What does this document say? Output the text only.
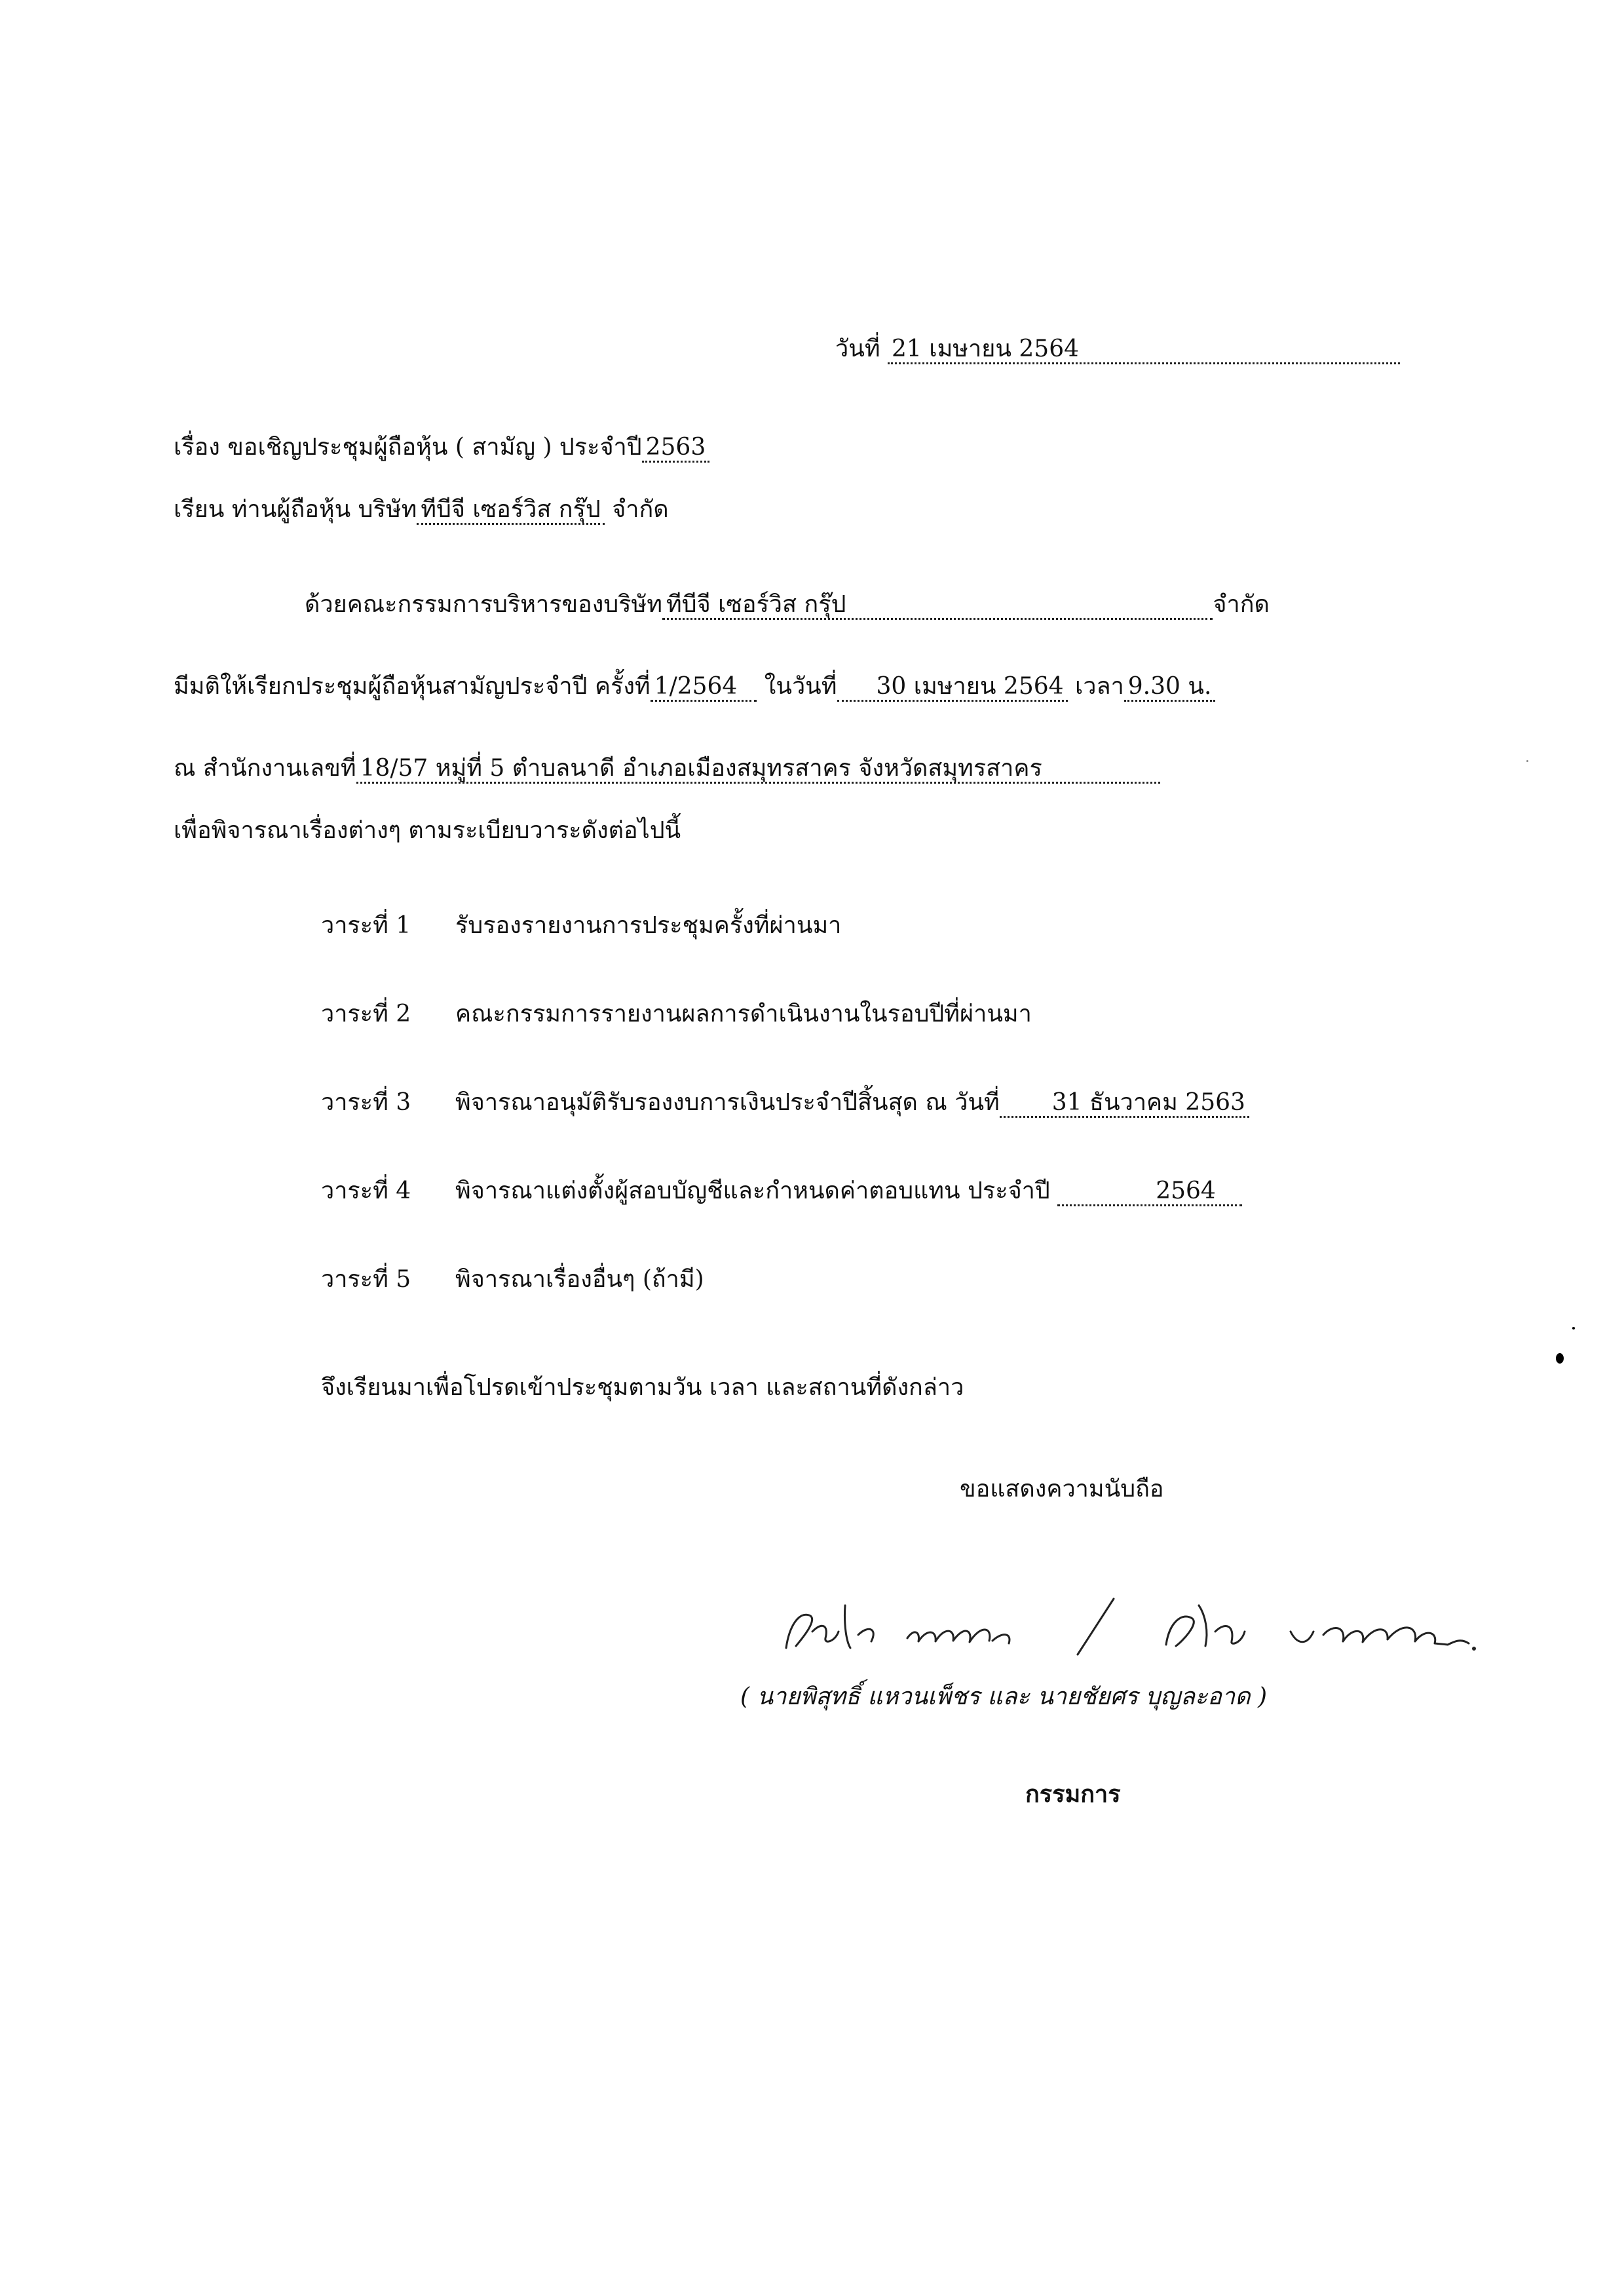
วันที่ 21 เมษายน 2564
เรื่อง ขอเชิญประชุมผู้ถือหุ้น ( สามัญ ) ประจำปี 2563
เรียน ท่านผู้ถือหุ้น บริษัท ทีบีจี เซอร์วิส กรุ๊ป จำกัด
ด้วยคณะกรรมการบริหารของบริษัท ทีบีจี เซอร์วิส กรุ๊ป	จำกัด
มีมติให้เรียกประชุมผู้ถือหุ้นสามัญประจำปี ครั้งที่ 1/2564 ในวันที่ 30 เมษายน 2564 เวลา 9.30 น.
ณ สำนักงานเลขที่ 18/57 หมู่ที่ 5 ตำบลนาดี อำเภอเมืองสมุทรสาคร จังหวัดสมุทรสาคร
เพื่อพิจารณาเรื่องต่างๆ ตามระเบียบวาระดังต่อไปนี้
วาระที่ 1 รับรองรายงานการประชุมครั้งที่ผ่านมา
วาระที่ 2 คณะกรรมการรายงานผลการดำเนินงานในรอบปีที่ผ่านมา
วาระที่ 3 พิจารณาอนุมัติรับรองงบการเงินประจำปีสิ้นสุด ณ วันที่ 31 ธันวาคม 2563
วาระที่ 4 พิจารณาแต่งตั้งผู้สอบบัญชีและกำหนดค่าตอบแทน ประจำปี	2564
วาระที่ 5 พิจารณาเรื่องอื่นๆ (ถ้ามี)
จึงเรียนมาเพื่อโปรดเข้าประชุมตามวัน เวลา และสถานที่ดังกล่าว
ขอแสดงความนับถือ
( นายพิสุทธิ์ แหวนเพ็ชร และ นายชัยศร บุญละอาด )
กรรมการ
